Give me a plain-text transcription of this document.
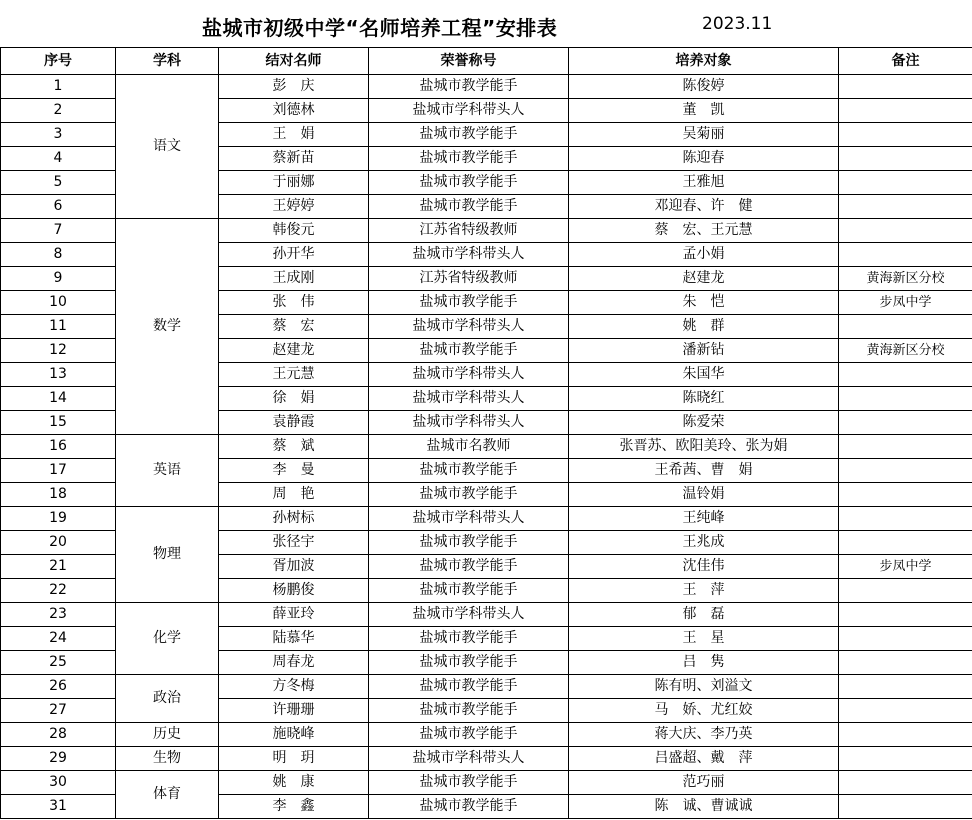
盐城市初级中学“名师培养工程”安排表	2023.11
序号	学科	结对名师	荣誉称号	培养对象	备注
1	语文	彭　庆	盐城市教学能手	陈俊婷	
2		刘德林	盐城市学科带头人	董　凯	
3		王　娟	盐城市教学能手	吴菊丽	
4		蔡新苗	盐城市教学能手	陈迎春	
5		于丽娜	盐城市教学能手	王雅旭	
6		王婷婷	盐城市教学能手	邓迎春、许　健	
7	数学	韩俊元	江苏省特级教师	蔡　宏、王元慧	
8		孙开华	盐城市学科带头人	孟小娟	
9		王成刚	江苏省特级教师	赵建龙	黄海新区分校
10		张　伟	盐城市教学能手	朱　恺	步凤中学
11		蔡　宏	盐城市学科带头人	姚　群	
12		赵建龙	盐城市教学能手	潘新钻	黄海新区分校
13		王元慧	盐城市学科带头人	朱国华	
14		徐　娟	盐城市学科带头人	陈晓红	
15		袁静霞	盐城市学科带头人	陈爱荣	
16	英语	蔡　斌	盐城市名教师	张晋苏、欧阳美玲、张为娟	
17		李　曼	盐城市教学能手	王希茜、曹　娟	
18		周　艳	盐城市教学能手	温铃娟	
19	物理	孙树标	盐城市学科带头人	王纯峰	
20		张径宇	盐城市教学能手	王兆成	
21		胥加波	盐城市教学能手	沈佳伟	步凤中学
22		杨鹏俊	盐城市教学能手	王　萍	
23	化学	薛亚玲	盐城市学科带头人	郁　磊	
24		陆慕华	盐城市教学能手	王　星	
25		周春龙	盐城市教学能手	吕　隽	
26	政治	方冬梅	盐城市教学能手	陈有明、刘溢文	
27		许珊珊	盐城市教学能手	马　娇、尤红姣	
28	历史	施晓峰	盐城市教学能手	蒋大庆、李乃英	
29	生物	明　玥	盐城市学科带头人	吕盛超、戴　萍	
30	体育	姚　康	盐城市教学能手	范巧丽	
31		李　鑫	盐城市教学能手	陈　诚、曹诚诚	
